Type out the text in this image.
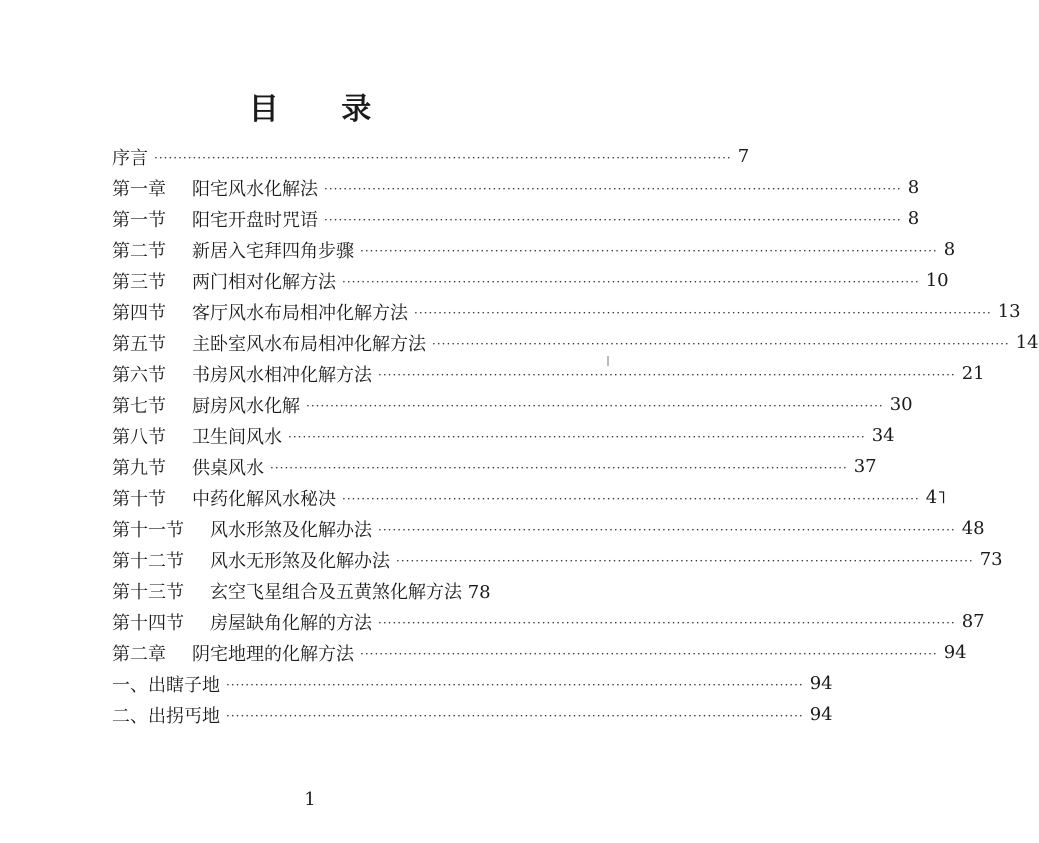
目 录
序言 ························································································································ 7
第一章 阳宅风水化解法 ························································································································ 8
第一节 阳宅开盘时咒语 ························································································································ 8
第二节 新居入宅拜四角步骤 ························································································································ 8
第三节 两门相对化解方法 ························································································································ 10
第四节 客厅风水布局相冲化解方法 ························································································································ 13
第五节 主卧室风水布局相冲化解方法 ························································································································ 14
第六节 书房风水相冲化解方法 ························································································································ 21
第七节 厨房风水化解 ························································································································ 30
第八节 卫生间风水 ························································································································ 34
第九节 供桌风水 ························································································································ 37
第十节 中药化解风水秘决 ························································································································ 4˥
第十一节 风水形煞及化解办法 ························································································································ 48
第十二节 风水无形煞及化解办法 ························································································································ 73
第十三节 玄空飞星组合及五黄煞化解方法 78
第十四节 房屋缺角化解的方法 ························································································································ 87
第二章 阴宅地理的化解方法 ························································································································ 94
一、出瞎子地 ························································································································ 94
二、出拐丐地 ························································································································ 94
1
